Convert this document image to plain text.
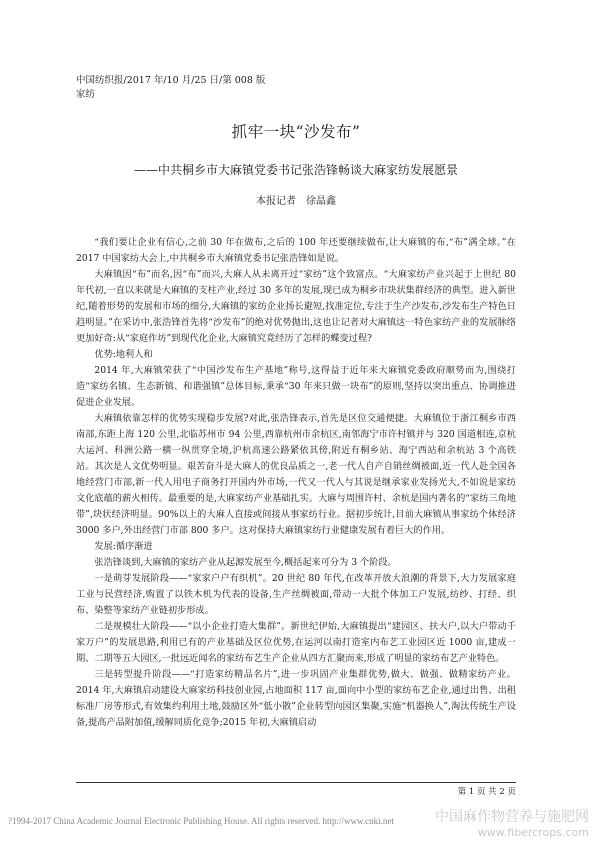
中国纺织报/2017 年/10 月/25 日/第 008 版
家纺
抓牢一块“沙发布”
——中共桐乡市大麻镇党委书记张浩锋畅谈大麻家纺发展愿景
本报记者　徐晶鑫

“我们要让企业有信心,之前 30 年在做布,之后的 100 年还要继续做布,让大麻镇的布,“布”满全球。”在 2017 中国家纺大会上,中共桐乡市大麻镇党委书记张浩锋如是说。

大麻镇因“布”而名,因“布”而兴,大麻人从未离开过“家纺”这个致富点。“大麻家纺产业兴起于上世纪 80 年代初,一直以来就是大麻镇的支柱产业,经过 30 多年的发展,现已成为桐乡市块状集群经济的典型。进入新世纪,随着形势的发展和市场的细分,大麻镇的家纺企业扬长避短,找准定位,专注于生产沙发布,沙发布生产特色日趋明显。”在采访中,张浩锋首先将“沙发布”的绝对优势抛出,这也让记者对大麻镇这一特色家纺产业的发展脉络更加好奇:从“家庭作坊”到现代化企业,大麻镇究竟经历了怎样的蝶变过程?

优势:地利人和

2014 年,大麻镇荣获了“中国沙发布生产基地”称号,这得益于近年来大麻镇党委政府顺势而为,围绕打造“家纺名镇、生态新镇、和谐强镇”总体目标,秉承“30 年来只做一块布”的原则,坚持以突出重点、协调推进促进企业发展。

大麻镇依靠怎样的优势实现稳步发展?对此,张浩锋表示,首先是区位交通便捷。大麻镇位于浙江桐乡市西南部,东距上海 120 公里,北临苏州市 94 公里,西靠杭州市余杭区,南邻海宁市许村镇并与 320 国道相连,京杭大运河、科洲公路一横一纵贯穿全境,沪杭高速公路紧依其傍,附近有桐乡站、海宁西站和余杭站 3 个高铁站。其次是人文优势明显。艰苦奋斗是大麻人的优良品质之一,老一代人自产自销丝绸被面,近一代人赴全国各地经营门市部,新一代人用电子商务打开国内外市场,一代又一代人与其说是继承家业发扬光大,不如说是家纺文化底蕴的薪火相传。最重要的是,大麻家纺产业基础扎实。大麻与周围许村、余杭是国内著名的“家纺三角地带”,块状经济明显。90%以上的大麻人直接或间接从事家纺行业。据初步统计,目前大麻镇从事家纺个体经济 3000 多户,外出经营门市部 800 多户。这对保持大麻镇家纺行业健康发展有着巨大的作用。

发展:循序渐进

张浩锋谈到,大麻镇的家纺产业从起源发展至今,概括起来可分为 3 个阶段。

一是萌芽发展阶段——“家家户户有织机”。20 世纪 80 年代,在改革开放大浪潮的背景下,大力发展家庭工业与民营经济,购置了以铁木机为代表的设备,生产丝绸被面,带动一大批个体加工户发展,纺纱、打经、织布、染整等家纺产业链初步形成。

二是规模壮大阶段——“以小企业打造大集群”。新世纪伊始,大麻镇提出“建园区、扶大户,以大户带动千家万户”的发展思路,利用已有的产业基础及区位优势,在运河以南打造室内布艺工业园区近 1000 亩,建成一期、二期等五大园区,一批远近闻名的家纺布艺生产企业从四方汇聚而来,形成了明显的家纺布艺产业特色。

三是转型提升阶段——“打造家纺精品名片”,进一步巩固产业集群优势,做大、做强、做精家纺产业。2014 年,大麻镇启动建设大麻家纺科技创业园,占地面积 117 亩,面向中小型的家纺布艺企业,通过出售、出租标准厂房等形式,有效集约利用土地,鼓励区外“低小散”企业转型向园区集聚,实施“机器换人”,淘汰传统生产设备,提高产品附加值,缓解同质化竞争;2015 年初,大麻镇启动

第 1 页 共 2 页
?1994-2017 China Academic Journal Electronic Publishing House. All rights reserved. http://www.cnki.net	中国麻作物营养与施肥网
www.fibercrops.com
